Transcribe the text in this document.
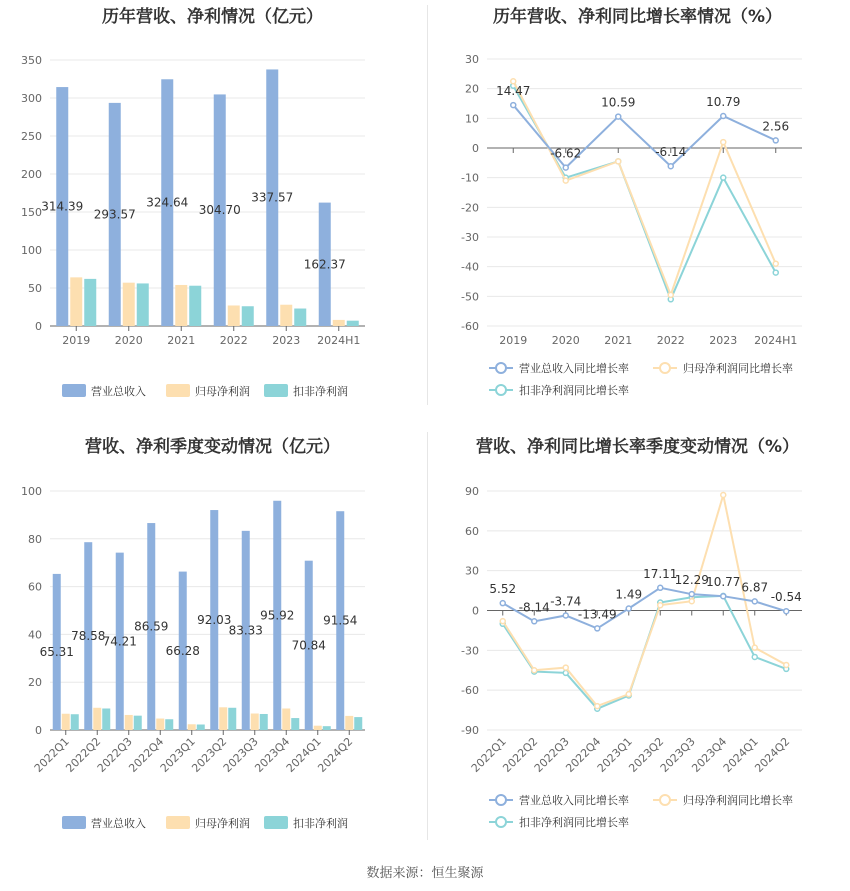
历年营收、净利情况（亿元）
0
50
100
150
200
250
300
350
2019 2020 2021 2022 2023 2024H1
314.39
293.57
324.64
304.70
337.57
162.37
营业总收入	归母净利润	扣非净利润
历年营收、净利同比增长率情况（%）
-60
-50
-40
-30
-20
-10
0
10
20
30
2019 2020 2021 2022 2023 2024H1
14.47
-6.62
10.59
-6.14
10.79
2.56
营业总收入同比增长率	归母净利润同比增长率
扣非净利润同比增长率
营收、净利季度变动情况（亿元）
0
20
40
60
80
100
2022Q1
2022Q2
2022Q3
2022Q4
2023Q1
2023Q2
2023Q3
2023Q4
2024Q1
2024Q2
65.31
78.58
74.21
86.59
66.28
92.03
83.33
95.92
70.84
91.54
营业总收入	归母净利润	扣非净利润
营收、净利同比增长率季度变动情况（%）
-90
-60
-30
0
30
60
90
2022Q1
2022Q2
2022Q3
2022Q4
2023Q1
2023Q2
2023Q3
2023Q4
2024Q1
2024Q2
5.52
-8.14 -3.74
-13.49
1.49
17.11
12.29
10.77 6.87
-0.54
营业总收入同比增长率	归母净利润同比增长率
扣非净利润同比增长率
数据来源：恒生聚源
